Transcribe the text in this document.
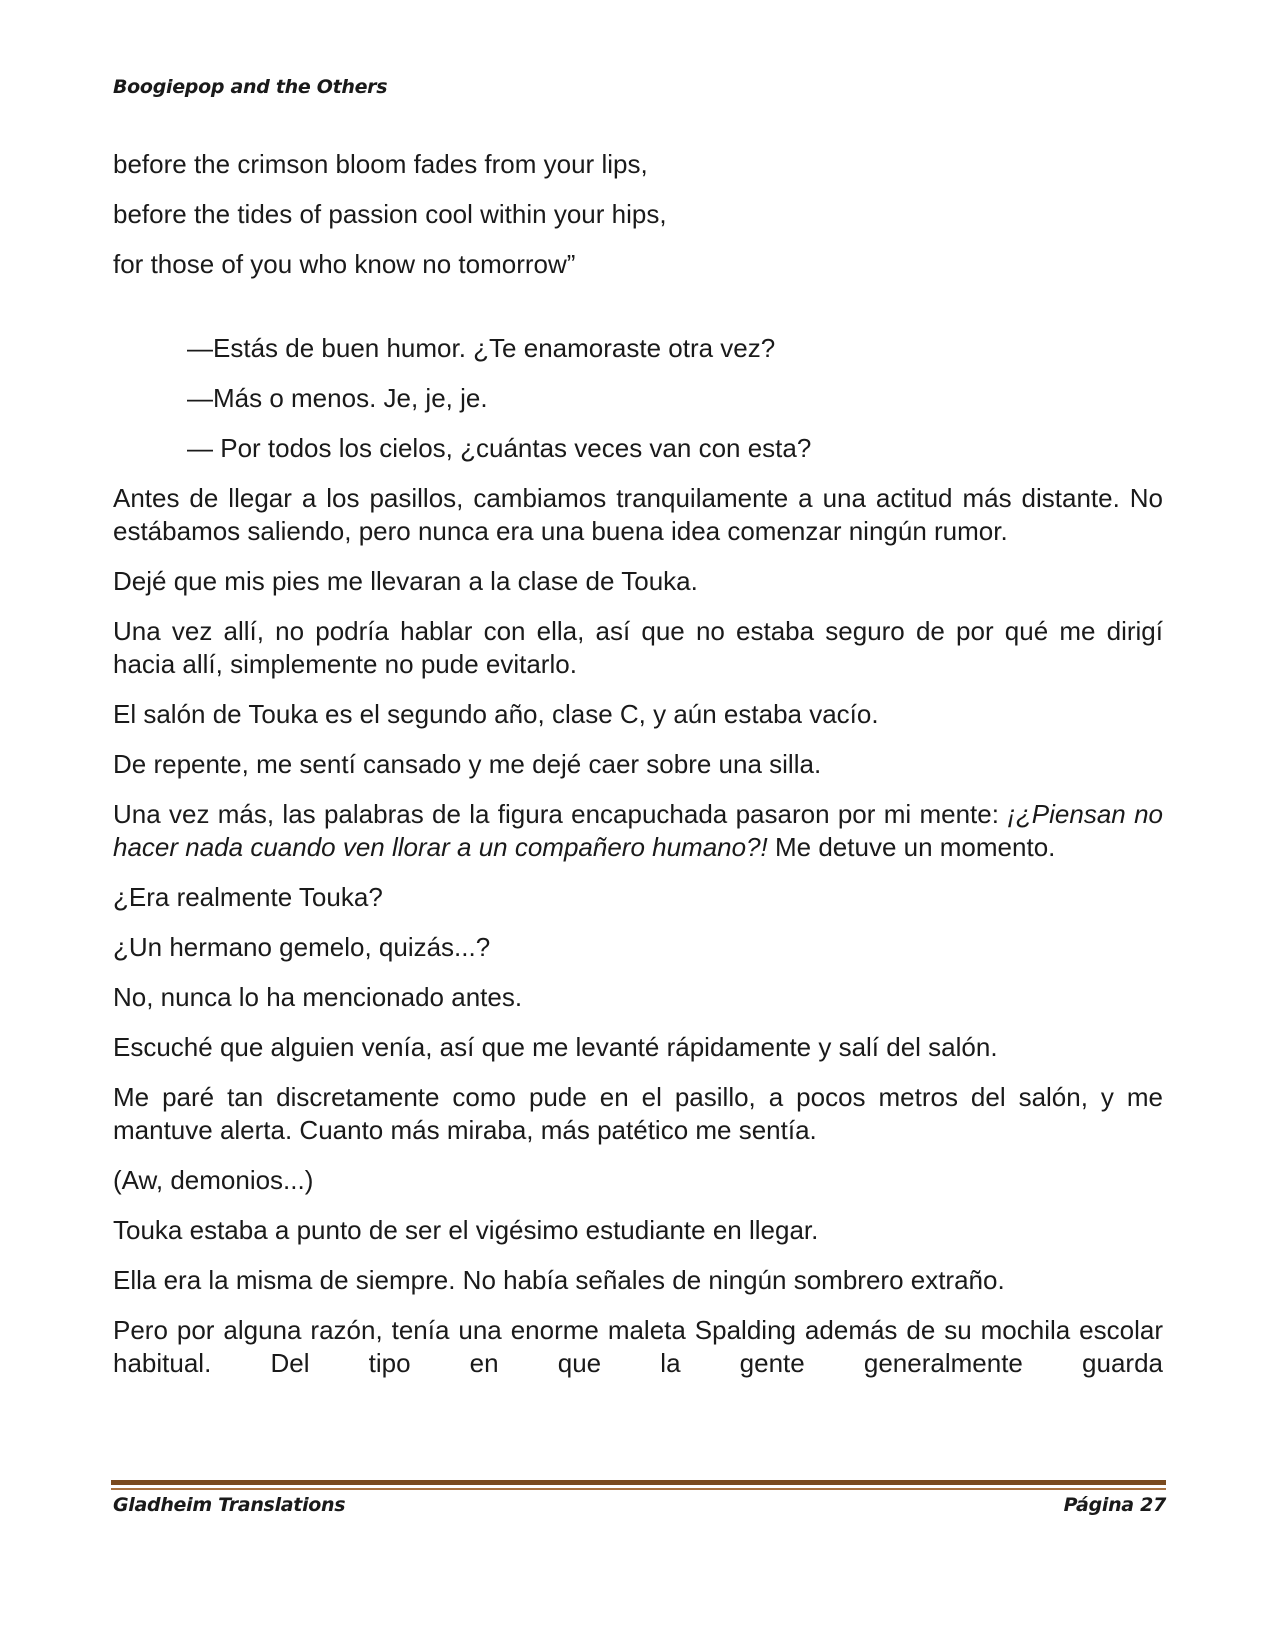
Boogiepop and the Others

before the crimson bloom fades from your lips,

before the tides of passion cool within your hips,

for those of you who know no tomorrow”

—Estás de buen humor. ¿Te enamoraste otra vez?

—Más o menos. Je, je, je.

— Por todos los cielos, ¿cuántas veces van con esta?

Antes de llegar a los pasillos, cambiamos tranquilamente a una actitud más distante. No estábamos saliendo, pero nunca era una buena idea comenzar ningún rumor.

Dejé que mis pies me llevaran a la clase de Touka.

Una vez allí, no podría hablar con ella, así que no estaba seguro de por qué me dirigí hacia allí, simplemente no pude evitarlo.

El salón de Touka es el segundo año, clase C, y aún estaba vacío.

De repente, me sentí cansado y me dejé caer sobre una silla.

Una vez más, las palabras de la figura encapuchada pasaron por mi mente: ¡¿Piensan no hacer nada cuando ven llorar a un compañero humano?! Me detuve un momento.

¿Era realmente Touka?

¿Un hermano gemelo, quizás...?

No, nunca lo ha mencionado antes.

Escuché que alguien venía, así que me levanté rápidamente y salí del salón.

Me paré tan discretamente como pude en el pasillo, a pocos metros del salón, y me mantuve alerta. Cuanto más miraba, más patético me sentía.

(Aw, demonios...)

Touka estaba a punto de ser el vigésimo estudiante en llegar.

Ella era la misma de siempre. No había señales de ningún sombrero extraño.

Pero por alguna razón, tenía una enorme maleta Spalding además de su mochila escolar habitual. Del tipo en que la gente generalmente guarda

Gladheim Translations	Página 27
